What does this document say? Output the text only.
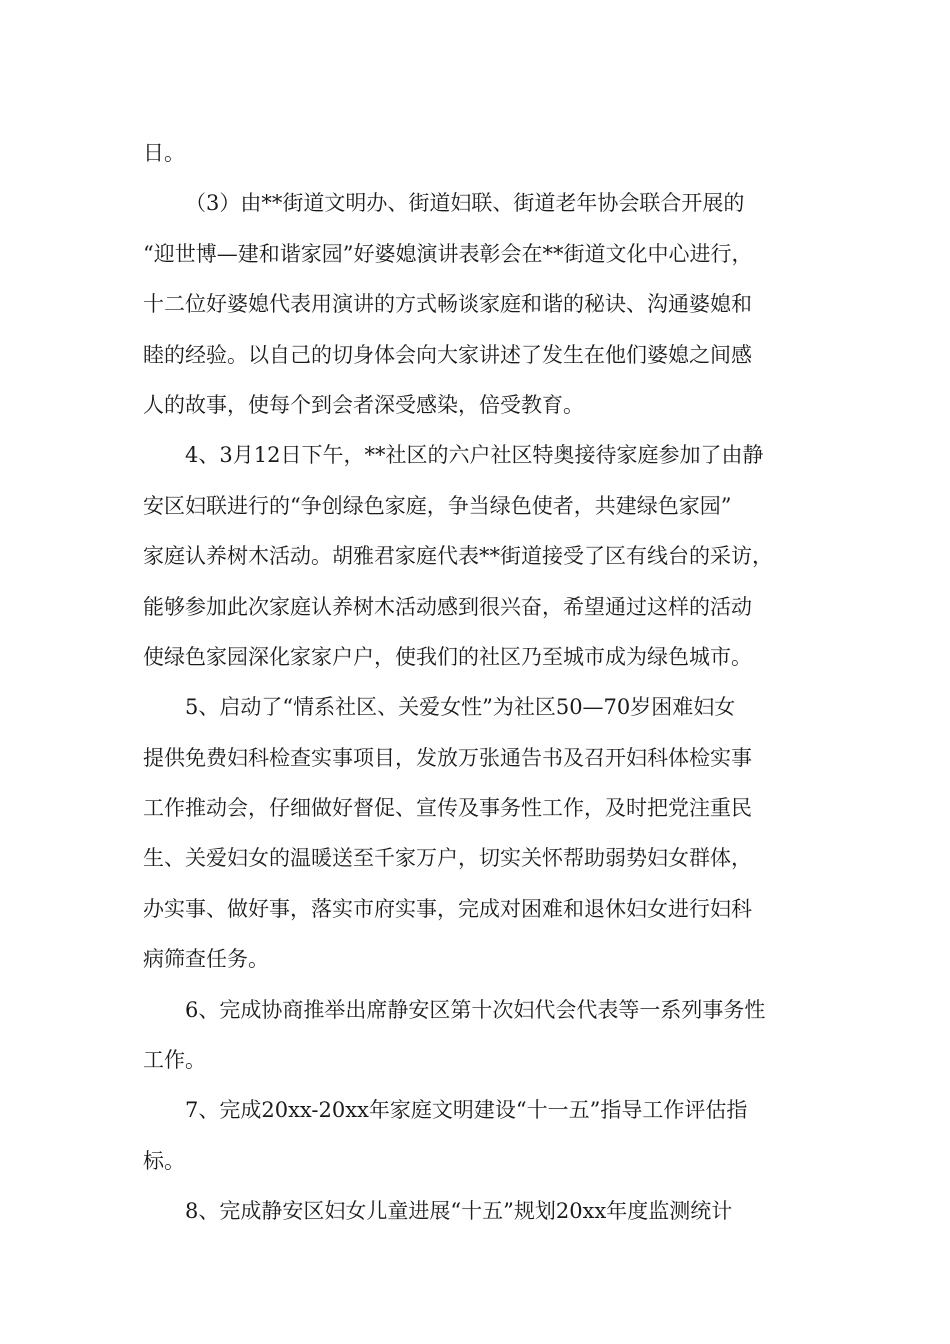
日。
（3）由**街道文明办、街道妇联、街道老年协会联合开展的
“迎世博—建和谐家园”好婆媳演讲表彰会在**街道文化中心进行，
十二位好婆媳代表用演讲的方式畅谈家庭和谐的秘诀、沟通婆媳和
睦的经验。以自己的切身体会向大家讲述了发生在他们婆媳之间感
人的故事，使每个到会者深受感染，倍受教育。
4、3月12日下午，**社区的六户社区特奥接待家庭参加了由静
安区妇联进行的“争创绿色家庭，争当绿色使者，共建绿色家园”
家庭认养树木活动。胡雅君家庭代表**街道接受了区有线台的采访，
能够参加此次家庭认养树木活动感到很兴奋，希望通过这样的活动
使绿色家园深化家家户户，使我们的社区乃至城市成为绿色城市。
5、启动了“情系社区、关爱女性”为社区50—70岁困难妇女
提供免费妇科检查实事项目，发放万张通告书及召开妇科体检实事
工作推动会，仔细做好督促、宣传及事务性工作，及时把党注重民
生、关爱妇女的温暖送至千家万户，切实关怀帮助弱势妇女群体，
办实事、做好事，落实市府实事，完成对困难和退休妇女进行妇科
病筛查任务。
6、完成协商推举出席静安区第十次妇代会代表等一系列事务性
工作。
7、完成20xx-20xx年家庭文明建设“十一五”指导工作评估指
标。
8、完成静安区妇女儿童进展“十五”规划20xx年度监测统计
